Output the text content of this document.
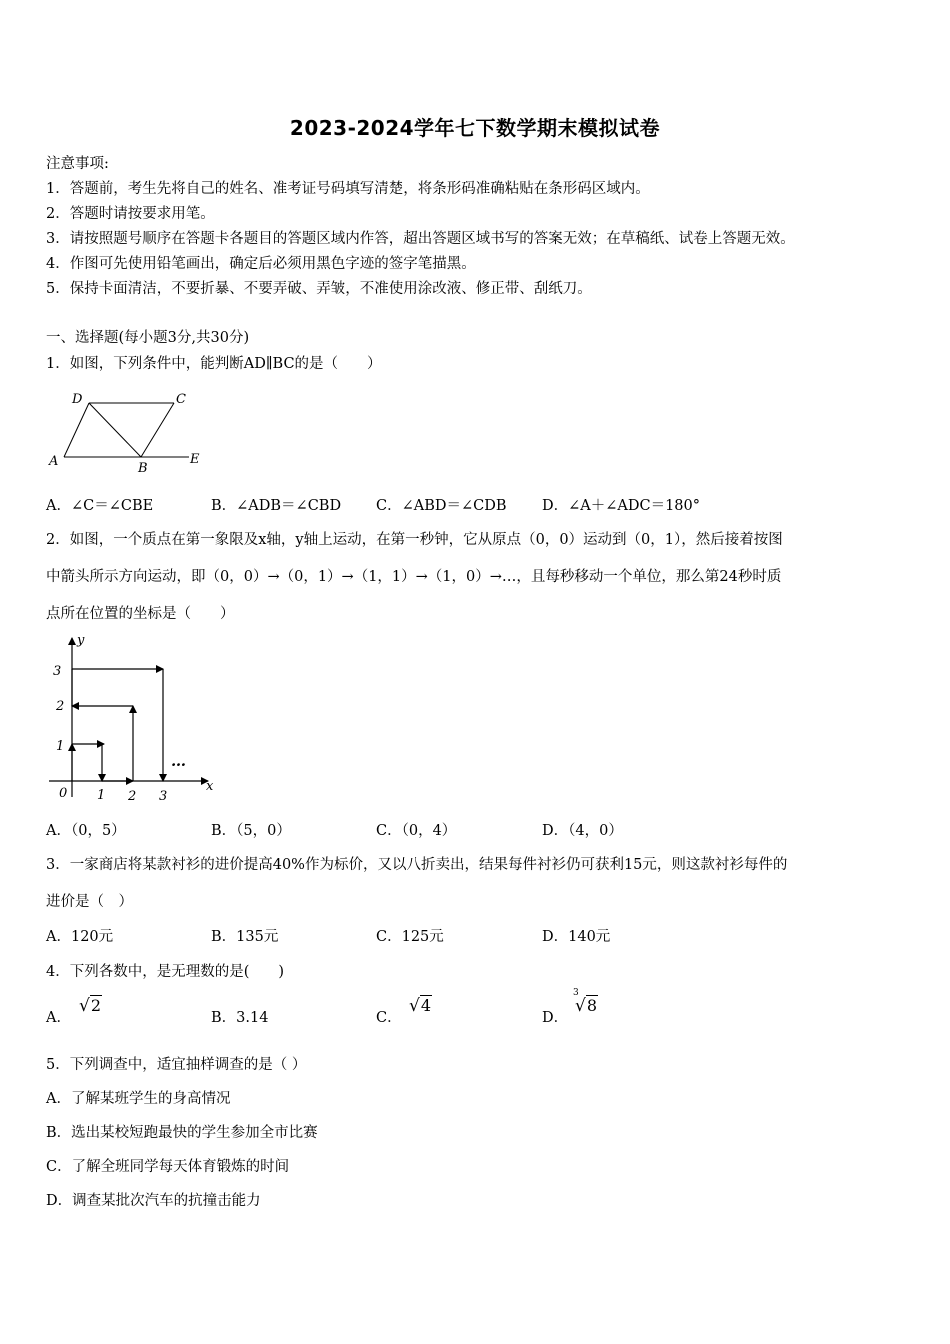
2023-2024学年七下数学期末模拟试卷
注意事项:
1．答题前，考生先将自己的姓名、准考证号码填写清楚，将条形码准确粘贴在条形码区域内。
2．答题时请按要求用笔。
3．请按照题号顺序在答题卡各题目的答题区域内作答，超出答题区域书写的答案无效；在草稿纸、试卷上答题无效。
4．作图可先使用铅笔画出，确定后必须用黑色字迹的签字笔描黑。
5．保持卡面清洁，不要折暴、不要弄破、弄皱，不准使用涂改液、修正带、刮纸刀。
一、选择题(每小题3分,共30分)
1．如图，下列条件中，能判断AD∥BC的是（　　）
D	C
A	B
E
A．∠C＝∠CBE	B．∠ADB＝∠CBD C．∠ABD＝∠CDB D．∠A＋∠ADC＝180°
2．如图，一个质点在第一象限及x轴，y轴上运动，在第一秒钟，它从原点（0，0）运动到（0，1），然后接着按图
中箭头所示方向运动，即（0，0）→（0，1）→（1，1）→（1，0）→…，且每秒移动一个单位，那么第24秒时质
点所在位置的坐标是（　　）
y
x
0 1 2 3
1
2
3
…
A．（0，5）	B．（5，0）	C．（0，4）	D．（4，0）
3．一家商店将某款衬衫的进价提高40%作为标价，又以八折卖出，结果每件衬衫仍可获利15元，则这款衬衫每件的
进价是（　）
A．120元	B．135元	C．125元	D．140元
4．下列各数中，是无理数的是(　　)
A．
√2
B．3.14	C．
√4
D．
3
√8
5．下列调查中，适宜抽样调查的是（ ）
A．了解某班学生的身高情况
B．选出某校短跑最快的学生参加全市比赛
C．了解全班同学每天体育锻炼的时间
D．调查某批次汽车的抗撞击能力
